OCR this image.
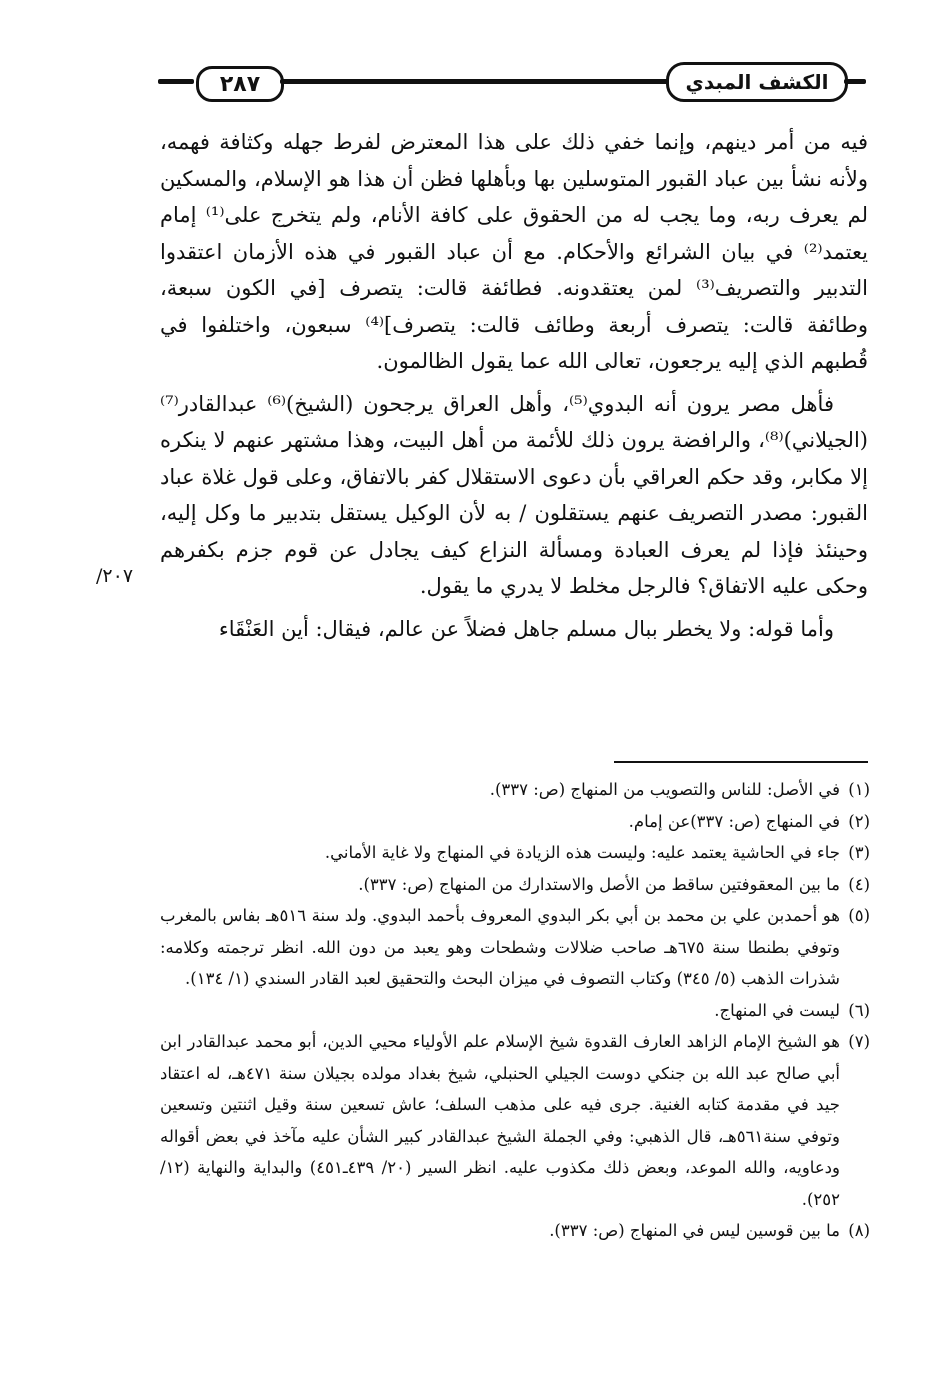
٢٨٧	الكشف المبدي

فيه من أمر دينهم، وإنما خفي ذلك على هذا المعترض لفرط جهله وكثافة فهمه، ولأنه نشأ بين عباد القبور المتوسلين بها وبأهلها فظن أن هذا هو الإسلام، والمسكين لم يعرف ربه، وما يجب له من الحقوق على كافة الأنام، ولم يتخرج على⁽¹⁾ إمام يعتمد⁽²⁾ في بيان الشرائع والأحكام. مع أن عباد القبور في هذه الأزمان اعتقدوا التدبير والتصريف⁽³⁾ لمن يعتقدونه. فطائفة قالت: يتصرف [في الكون سبعة، وطائفة قالت: يتصرف أربعة وطائف قالت: يتصرف]⁽⁴⁾ سبعون، واختلفوا في قُطبهم الذي إليه يرجعون، تعالى الله عما يقول الظالمون.

فأهل مصر يرون أنه البدوي⁽⁵⁾، وأهل العراق يرجحون (الشيخ)⁽⁶⁾ عبدالقادر⁽⁷⁾ (الجيلاني)⁽⁸⁾، والرافضة يرون ذلك للأئمة من أهل البيت، وهذا مشتهر عنهم لا ينكره إلا مكابر، وقد حكم العراقي بأن دعوى الاستقلال كفر بالاتفاق، وعلى قول غلاة عباد القبور: مصدر التصريف عنهم يستقلون / به لأن الوكيل يستقل بتدبير ما وكل إليه، وحينئذ فإذا لم يعرف العبادة ومسألة النزاع كيف يجادل عن قوم جزم بكفرهم وحكى عليه الاتفاق؟ فالرجل مخلط لا يدري ما يقول.

وأما قوله: ولا يخطر ببال مسلم جاهل فضلاً عن عالم، فيقال: أين العَنْقَاء

٢٠٧/

(١)في الأصل: للناس والتصويب من المنهاج (ص: ٣٣٧).

(٢)في المنهاج (ص: ٣٣٧)عن إمام.

(٣)جاء في الحاشية يعتمد عليه: وليست هذه الزيادة في المنهاج ولا غاية الأماني.

(٤)ما بين المعقوفتين ساقط من الأصل والاستدارك من المنهاج (ص: ٣٣٧).

(٥)هو أحمدبن علي بن محمد بن أبي بكر البدوي المعروف بأحمد البدوي. ولد سنة ٥١٦هـ بفاس بالمغرب وتوفي بطنطا سنة ٦٧٥هـ صاحب ضلالات وشطحات وهو يعبد من دون الله. انظر ترجمته وكلامه: شذرات الذهب (٥/ ٣٤٥) وكتاب التصوف في ميزان البحث والتحقيق لعبد القادر السندي (١/ ١٣٤).

(٦)ليست في المنهاج.

(٧)هو الشيخ الإمام الزاهد العارف القدوة شيخ الإسلام علم الأولياء محيي الدين، أبو محمد عبدالقادر ابن أبي صالح عبد الله بن جنكي دوست الجيلي الحنبلي، شيخ بغداد مولده بجيلان سنة ٤٧١هـ، له اعتقاد جيد في مقدمة كتابه الغنية. جرى فيه على مذهب السلف؛ عاش تسعين سنة وقيل اثنتين وتسعين وتوفي سنة٥٦١هـ، قال الذهبي: وفي الجملة الشيخ عبدالقادر كبير الشأن عليه مآخذ في بعض أقواله ودعاويه، والله الموعد، وبعض ذلك مكذوب عليه. انظر السير (٢٠/ ٤٣٩ـ٤٥١) والبداية والنهاية (١٢/ ٢٥٢).

(٨)ما بين قوسين ليس في المنهاج (ص: ٣٣٧).
